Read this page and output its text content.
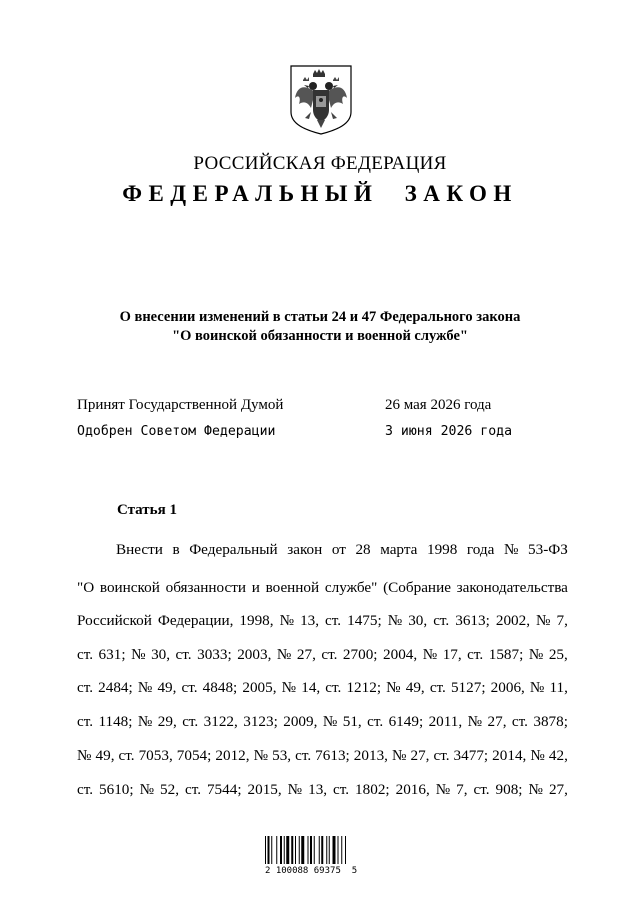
РОССИЙСКАЯ ФЕДЕРАЦИЯ
ФЕДЕРАЛЬНЫЙ ЗАКОН
О внесении изменений в статьи 24 и 47 Федерального закона
"О воинской обязанности и военной службе"
Принят Государственной Думой	26 мая 2026 года
Одобрен Советом Федерации	3 июня 2026 года
Статья 1
Внести в Федеральный закон от 28 марта 1998 года № 53-ФЗ
"О воинской обязанности и военной службе" (Собрание законодательства
Российской Федерации, 1998, № 13, ст. 1475; № 30, ст. 3613; 2002, № 7,
ст. 631; № 30, ст. 3033; 2003, № 27, ст. 2700; 2004, № 17, ст. 1587; № 25,
ст. 2484; № 49, ст. 4848; 2005, № 14, ст. 1212; № 49, ст. 5127; 2006, № 11,
ст. 1148; № 29, ст. 3122, 3123; 2009, № 51, ст. 6149; 2011, № 27, ст. 3878;
№ 49, ст. 7053, 7054; 2012, № 53, ст. 7613; 2013, № 27, ст. 3477; 2014, № 42,
ст. 5610; № 52, ст. 7544; 2015, № 13, ст. 1802; 2016, № 7, ст. 908; № 27,
2 100088 69375  5
